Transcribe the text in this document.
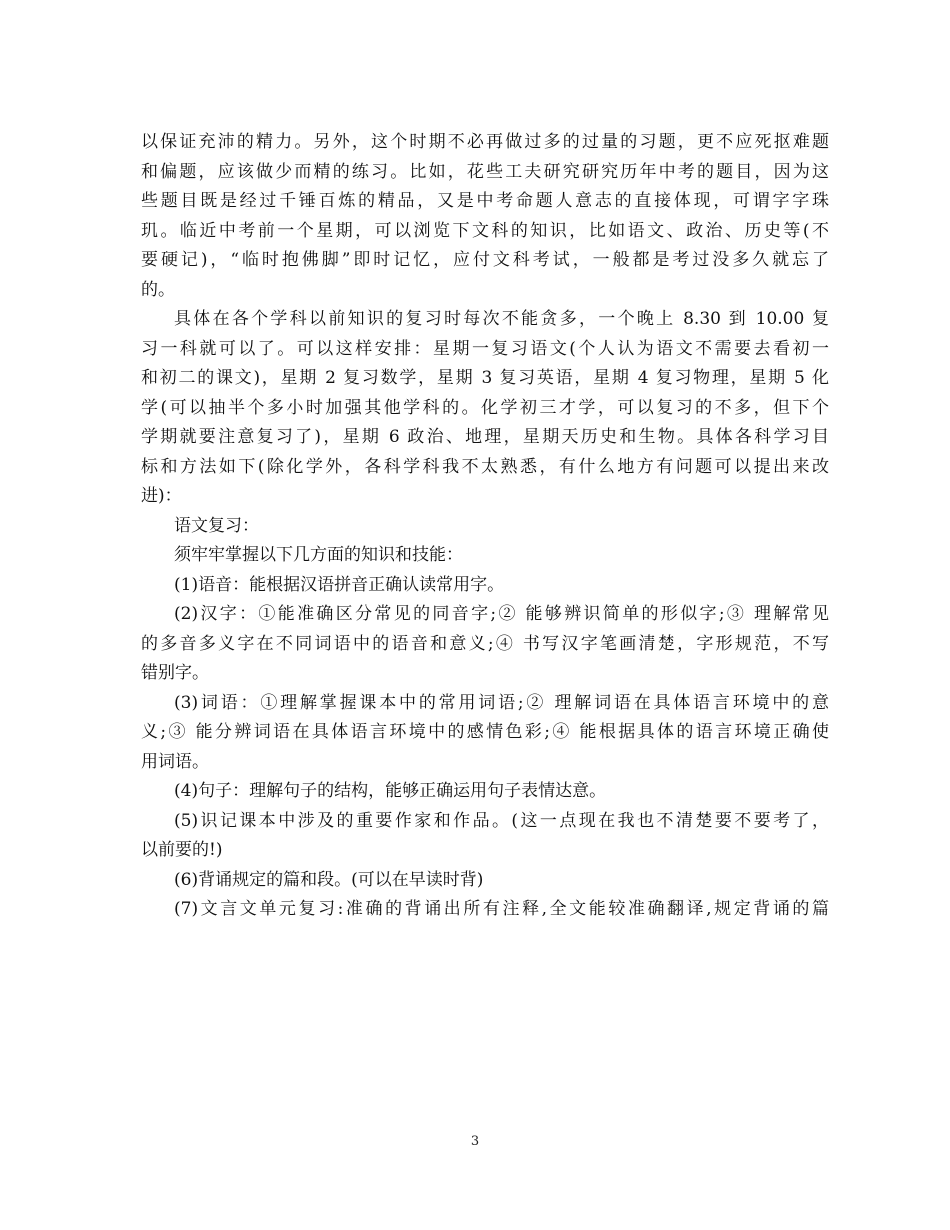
以保证充沛的精力。另外，这个时期不必再做过多的过量的习题，更不应死抠难题
和偏题，应该做少而精的练习。比如，花些工夫研究研究历年中考的题目，因为这
些题目既是经过千锤百炼的精品，又是中考命题人意志的直接体现，可谓字字珠
玑。临近中考前一个星期，可以浏览下文科的知识，比如语文、政治、历史等(不
要硬记)，“临时抱佛脚”即时记忆，应付文科考试，一般都是考过没多久就忘了
的。
具体在各个学科以前知识的复习时每次不能贪多，一个晚上 8.30 到 10.00 复
习一科就可以了。可以这样安排：星期一复习语文(个人认为语文不需要去看初一
和初二的课文)，星期 2 复习数学，星期 3 复习英语，星期 4 复习物理，星期 5 化
学(可以抽半个多小时加强其他学科的。化学初三才学，可以复习的不多，但下个
学期就要注意复习了)，星期 6 政治、地理，星期天历史和生物。具体各科学习目
标和方法如下(除化学外，各科学科我不太熟悉，有什么地方有问题可以提出来改
进)：
语文复习：
须牢牢掌握以下几方面的知识和技能：
(1)语音：能根据汉语拼音正确认读常用字。
(2)汉字：①能准确区分常见的同音字;② 能够辨识简单的形似字;③ 理解常见
的多音多义字在不同词语中的语音和意义;④ 书写汉字笔画清楚，字形规范，不写
错别字。
(3)词语：①理解掌握课本中的常用词语;② 理解词语在具体语言环境中的意
义;③ 能分辨词语在具体语言环境中的感情色彩;④ 能根据具体的语言环境正确使
用词语。
(4)句子：理解句子的结构，能够正确运用句子表情达意。
(5)识记课本中涉及的重要作家和作品。(这一点现在我也不清楚要不要考了，
以前要的!)
(6)背诵规定的篇和段。(可以在早读时背)
(7)文言文单元复习:准确的背诵出所有注释,全文能较准确翻译,规定背诵的篇
3
